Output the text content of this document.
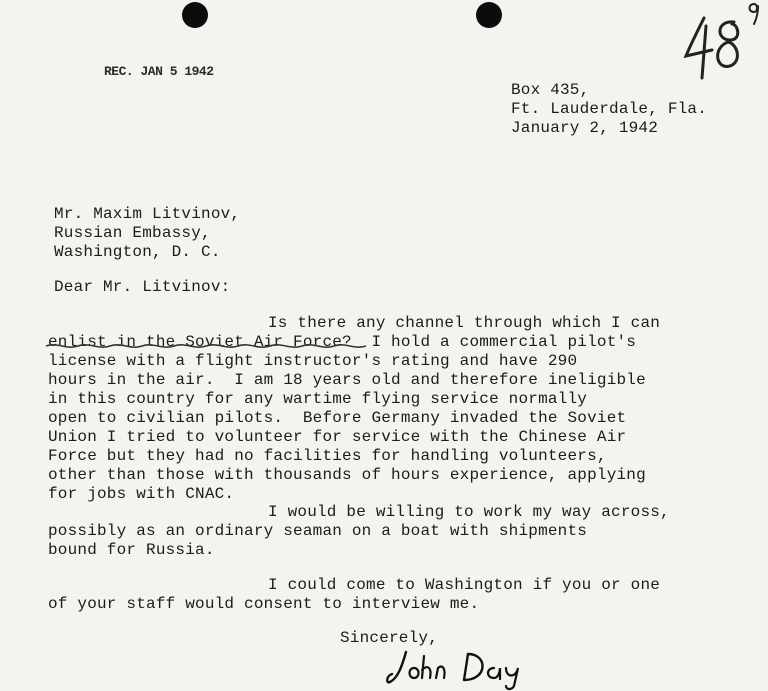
REC. JAN 5 1942
Box 435,
Ft. Lauderdale, Fla.
January 2, 1942
Mr. Maxim Litvinov,
Russian Embassy,
Washington, D. C.
Dear Mr. Litvinov:
Is there any channel through which I can
enlist in the Soviet Air Force?  I hold a commercial pilot's
license with a flight instructor's rating and have 290
hours in the air.  I am 18 years old and therefore ineligible
in this country for any wartime flying service normally
open to civilian pilots.  Before Germany invaded the Soviet
Union I tried to volunteer for service with the Chinese Air
Force but they had no facilities for handling volunteers,
other than those with thousands of hours experience, applying
for jobs with CNAC.
I would be willing to work my way across,
possibly as an ordinary seaman on a boat with shipments
bound for Russia.
I could come to Washington if you or one
of your staff would consent to interview me.
Sincerely,
